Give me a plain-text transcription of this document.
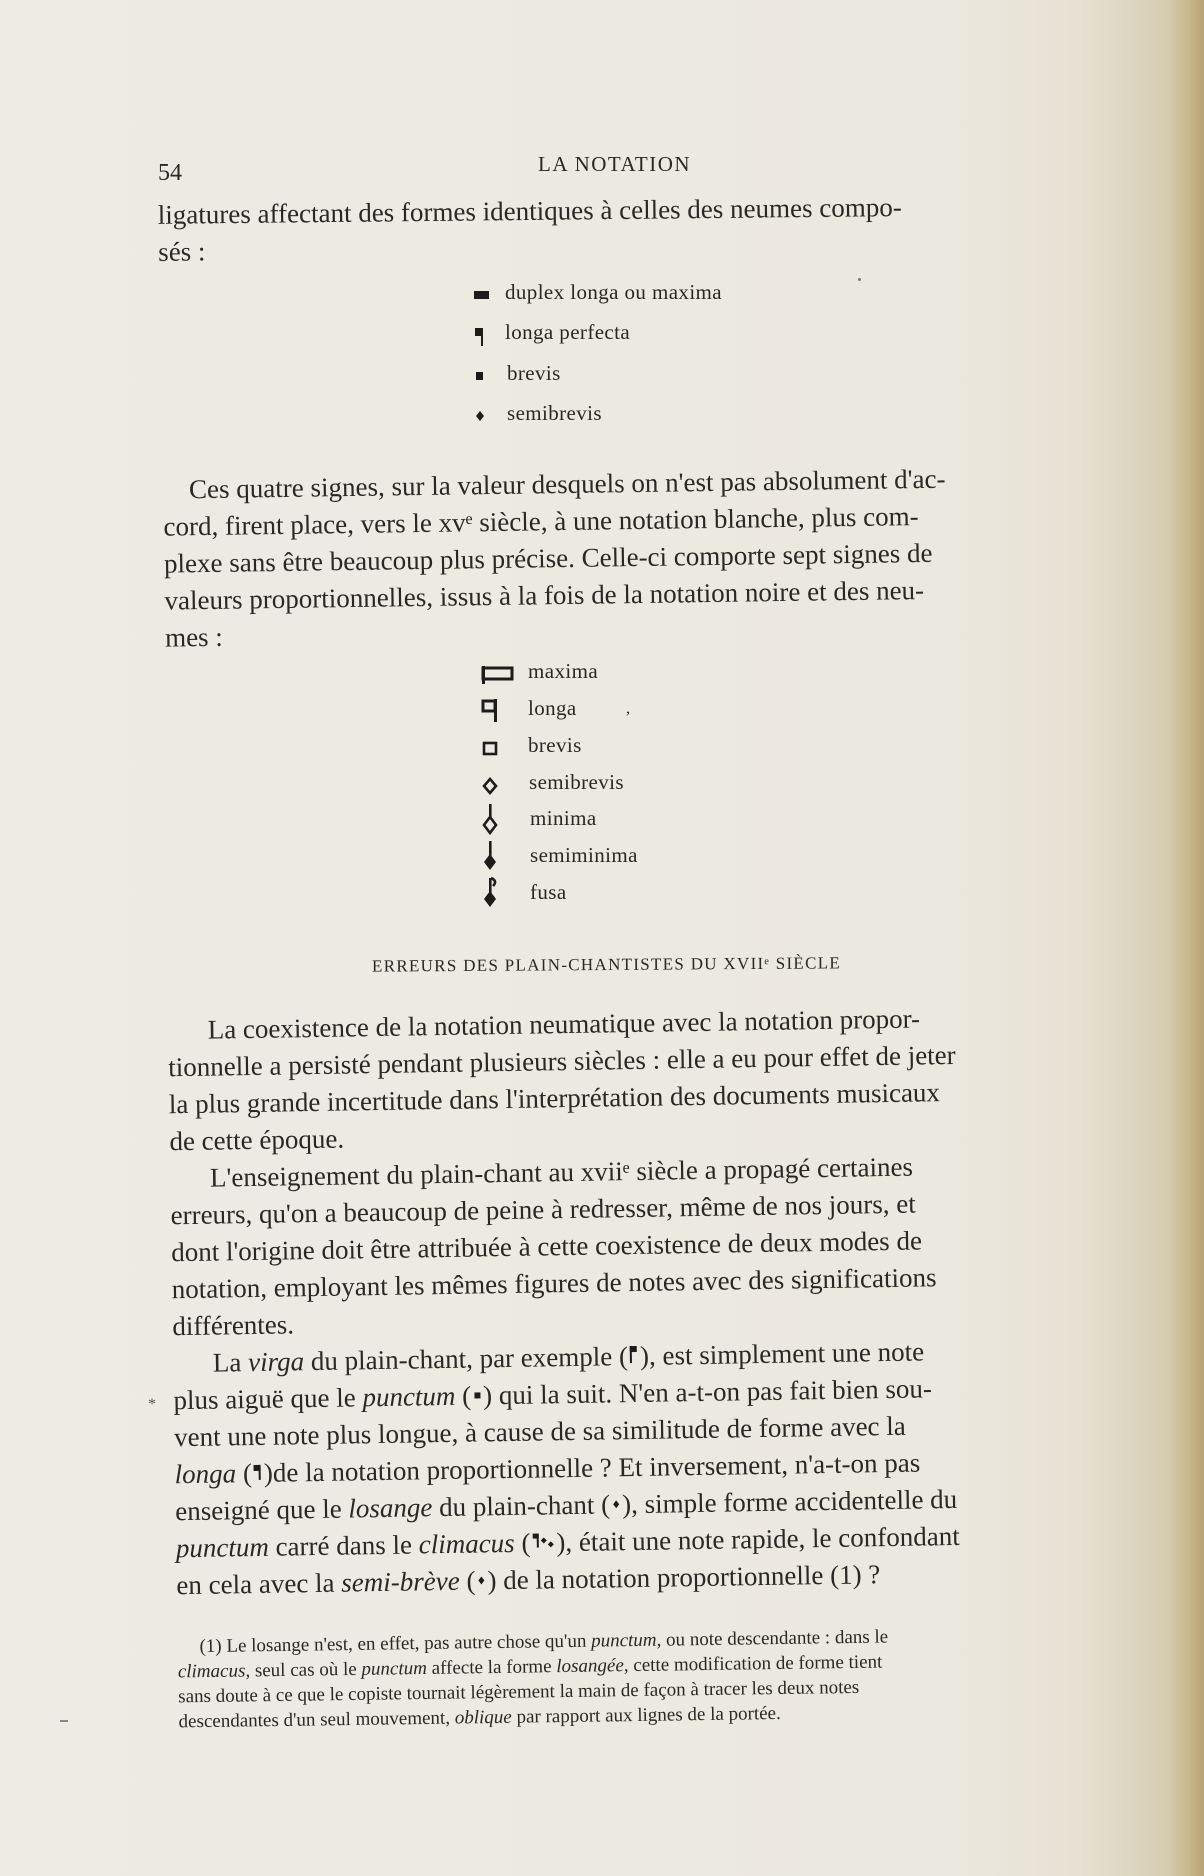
54	LA NOTATION
ligatures affectant des formes identiques à celles des neumes compo-
sés :
duplex longa ou maxima
longa perfecta
brevis
semibrevis
Ces quatre signes, sur la valeur desquels on n'est pas absolument d'ac-
cord, firent place, vers le xvᵉ siècle, à une notation blanche, plus com-
plexe sans être beaucoup plus précise. Celle-ci comporte sept signes de
valeurs proportionnelles, issus à la fois de la notation noire et des neu-
mes :
maxima
longa	,
brevis
semibrevis
minima
semiminima
fusa
ERREURS DES PLAIN-CHANTISTES DU XVIIᵉ SIÈCLE
La coexistence de la notation neumatique avec la notation propor-
tionnelle a persisté pendant plusieurs siècles : elle a eu pour effet de jeter
la plus grande incertitude dans l'interprétation des documents musicaux
de cette époque.
L'enseignement du plain-chant au xviiᵉ siècle a propagé certaines
erreurs, qu'on a beaucoup de peine à redresser, même de nos jours, et
dont l'origine doit être attribuée à cette coexistence de deux modes de
notation, employant les mêmes figures de notes avec des significations
différentes.
La virga du plain-chant, par exemple ( ), est simplement une note
plus aiguë que le punctum ( ) qui la suit. N'en a-t-on pas fait bien sou-
vent une note plus longue, à cause de sa similitude de forme avec la
longa ( )de la notation proportionnelle ? Et inversement, n'a-t-on pas
enseigné que le losange du plain-chant ( ), simple forme accidentelle du
punctum carré dans le climacus ( ), était une note rapide, le confondant
en cela avec la semi-brève ( ) de la notation proportionnelle (1) ?
(1) Le losange n'est, en effet, pas autre chose qu'un punctum, ou note descendante : dans le
climacus, seul cas où le punctum affecte la forme losangée, cette modification de forme tient
sans doute à ce que le copiste tournait légèrement la main de façon à tracer les deux notes
descendantes d'un seul mouvement, oblique par rapport aux lignes de la portée.
*
